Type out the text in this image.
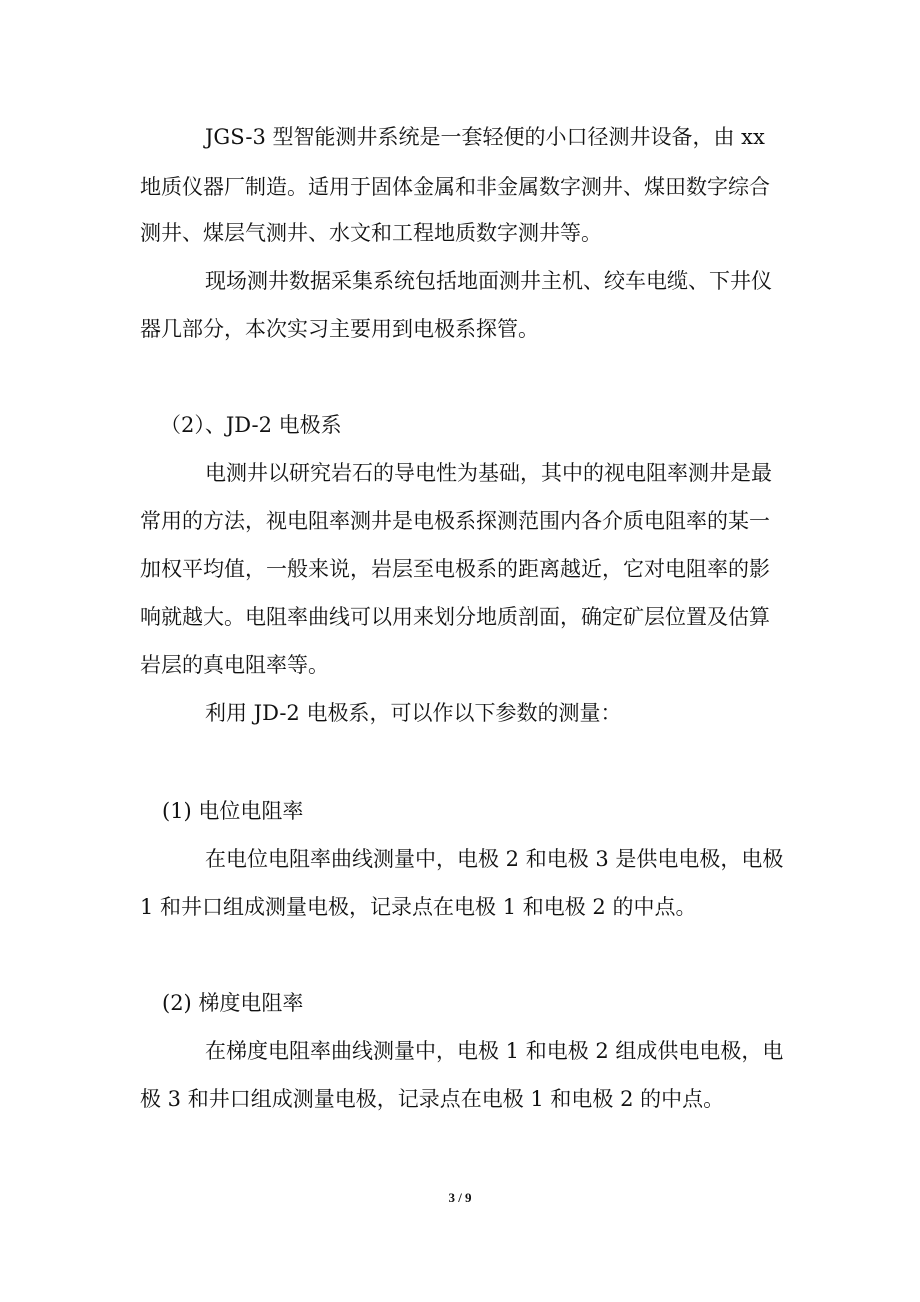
JGS-3 型智能测井系统是一套轻便的小口径测井设备，由 xx
地质仪器厂制造。适用于固体金属和非金属数字测井、煤田数字综合
测井、煤层气测井、水文和工程地质数字测井等。
现场测井数据采集系统包括地面测井主机、绞车电缆、下井仪
器几部分，本次实习主要用到电极系探管。
（2）、JD-2 电极系
电测井以研究岩石的导电性为基础，其中的视电阻率测井是最
常用的方法，视电阻率测井是电极系探测范围内各介质电阻率的某一
加权平均值，一般来说，岩层至电极系的距离越近，它对电阻率的影
响就越大。电阻率曲线可以用来划分地质剖面，确定矿层位置及估算
岩层的真电阻率等。
利用 JD-2 电极系，可以作以下参数的测量：
(1) 电位电阻率
在电位电阻率曲线测量中，电极 2 和电极 3 是供电电极，电极
1 和井口组成测量电极，记录点在电极 1 和电极 2 的中点。
(2) 梯度电阻率
在梯度电阻率曲线测量中，电极 1 和电极 2 组成供电电极，电
极 3 和井口组成测量电极，记录点在电极 1 和电极 2 的中点。
3 / 9
